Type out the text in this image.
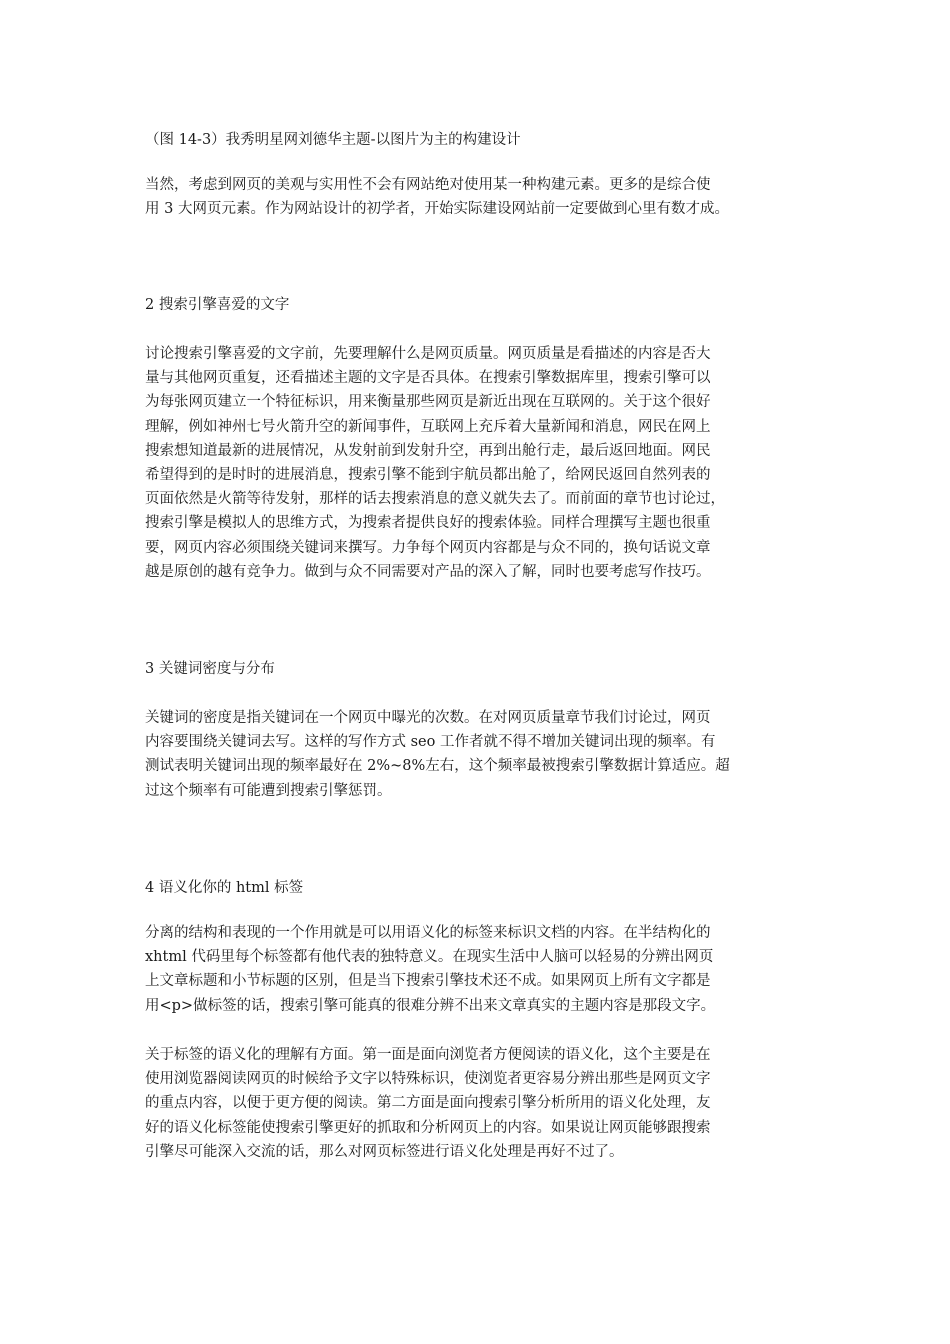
（图 14-3）我秀明星网刘德华主题-以图片为主的构建设计
当然，考虑到网页的美观与实用性不会有网站绝对使用某一种构建元素。更多的是综合使
用 3 大网页元素。作为网站设计的初学者，开始实际建设网站前一定要做到心里有数才成。
2 搜索引擎喜爱的文字
讨论搜索引擎喜爱的文字前，先要理解什么是网页质量。网页质量是看描述的内容是否大
量与其他网页重复，还看描述主题的文字是否具体。在搜索引擎数据库里，搜索引擎可以
为每张网页建立一个特征标识，用来衡量那些网页是新近出现在互联网的。关于这个很好
理解，例如神州七号火箭升空的新闻事件，互联网上充斥着大量新闻和消息，网民在网上
搜索想知道最新的进展情况，从发射前到发射升空，再到出舱行走，最后返回地面。网民
希望得到的是时时的进展消息，搜索引擎不能到宇航员都出舱了，给网民返回自然列表的
页面依然是火箭等待发射，那样的话去搜索消息的意义就失去了。而前面的章节也讨论过，
搜索引擎是模拟人的思维方式，为搜索者提供良好的搜索体验。同样合理撰写主题也很重
要，网页内容必须围绕关键词来撰写。力争每个网页内容都是与众不同的，换句话说文章
越是原创的越有竞争力。做到与众不同需要对产品的深入了解，同时也要考虑写作技巧。
3 关键词密度与分布
关键词的密度是指关键词在一个网页中曝光的次数。在对网页质量章节我们讨论过，网页
内容要围绕关键词去写。这样的写作方式 seo 工作者就不得不增加关键词出现的频率。有
测试表明关键词出现的频率最好在 2%~8%左右，这个频率最被搜索引擎数据计算适应。超
过这个频率有可能遭到搜索引擎惩罚。
4 语义化你的 html 标签
分离的结构和表现的一个作用就是可以用语义化的标签来标识文档的内容。在半结构化的
xhtml 代码里每个标签都有他代表的独特意义。在现实生活中人脑可以轻易的分辨出网页
上文章标题和小节标题的区别，但是当下搜索引擎技术还不成。如果网页上所有文字都是
用<p>做标签的话，搜索引擎可能真的很难分辨不出来文章真实的主题内容是那段文字。
关于标签的语义化的理解有方面。第一面是面向浏览者方便阅读的语义化，这个主要是在
使用浏览器阅读网页的时候给予文字以特殊标识，使浏览者更容易分辨出那些是网页文字
的重点内容，以便于更方便的阅读。第二方面是面向搜索引擎分析所用的语义化处理，友
好的语义化标签能使搜索引擎更好的抓取和分析网页上的内容。如果说让网页能够跟搜索
引擎尽可能深入交流的话，那么对网页标签进行语义化处理是再好不过了。
